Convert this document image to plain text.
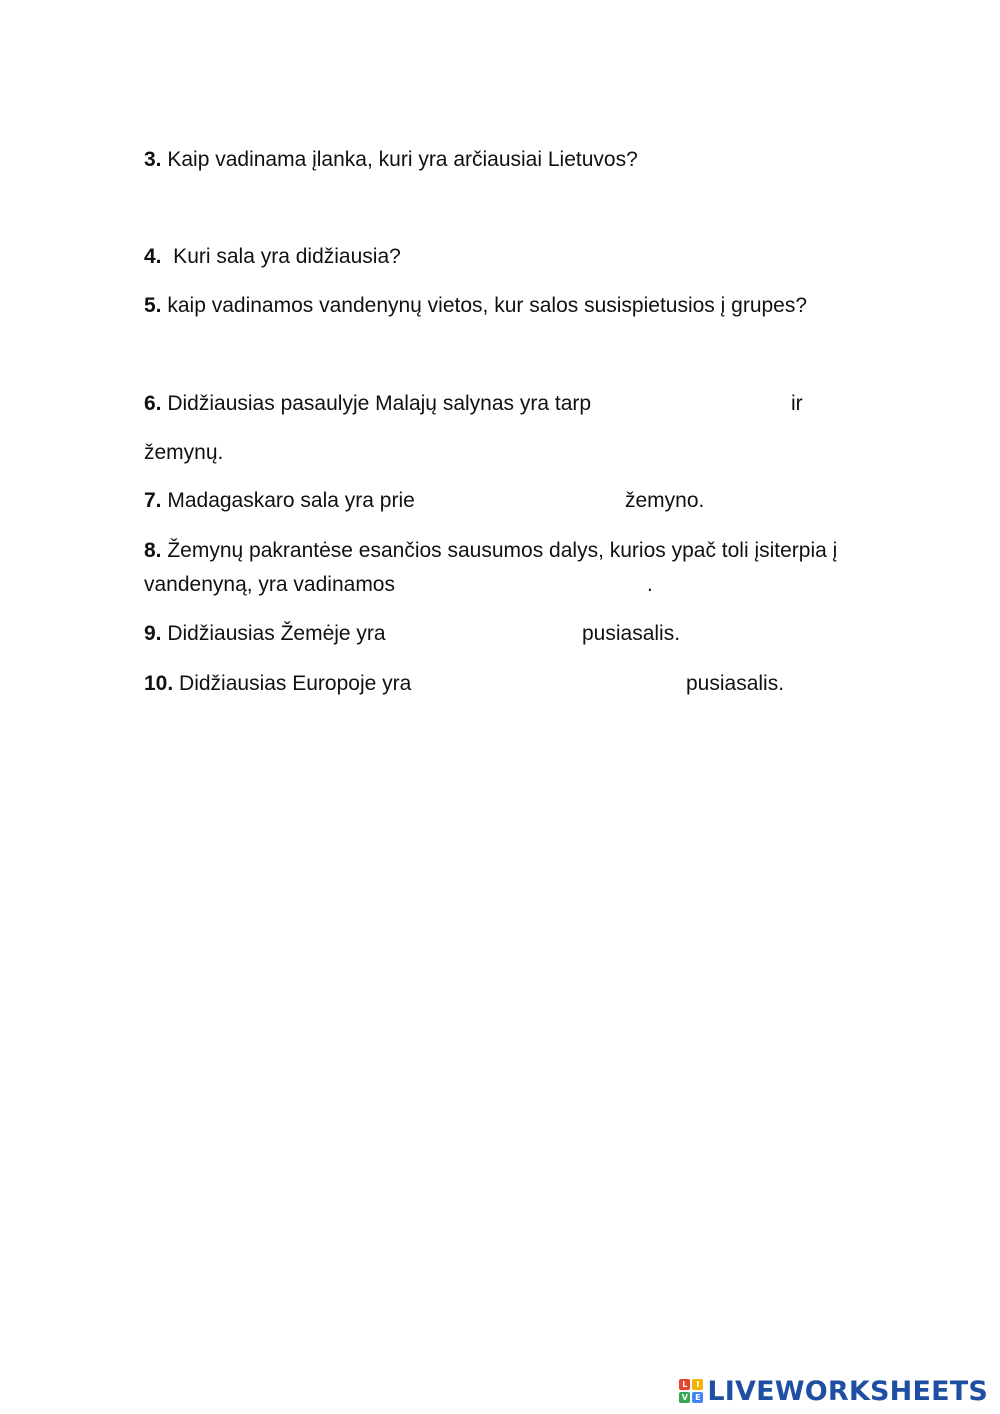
3. Kaip vadinama įlanka, kuri yra arčiausiai Lietuvos?
4.  Kuri sala yra didžiausia?
5. kaip vadinamos vandenynų vietos, kur salos susispietusios į grupes?
6. Didžiausias pasaulyje Malajų salynas yra tarp	ir
žemynų.
7. Madagaskaro sala yra prie	žemyno.
8. Žemynų pakrantėse esančios sausumos dalys, kurios ypač toli įsiterpia į
vandenyną, yra vadinamos	.
9. Didžiausias Žemėje yra	pusiasalis.
10. Didžiausias Europoje yra	pusiasalis.
L	I
V E LIVEWORKSHEETS
